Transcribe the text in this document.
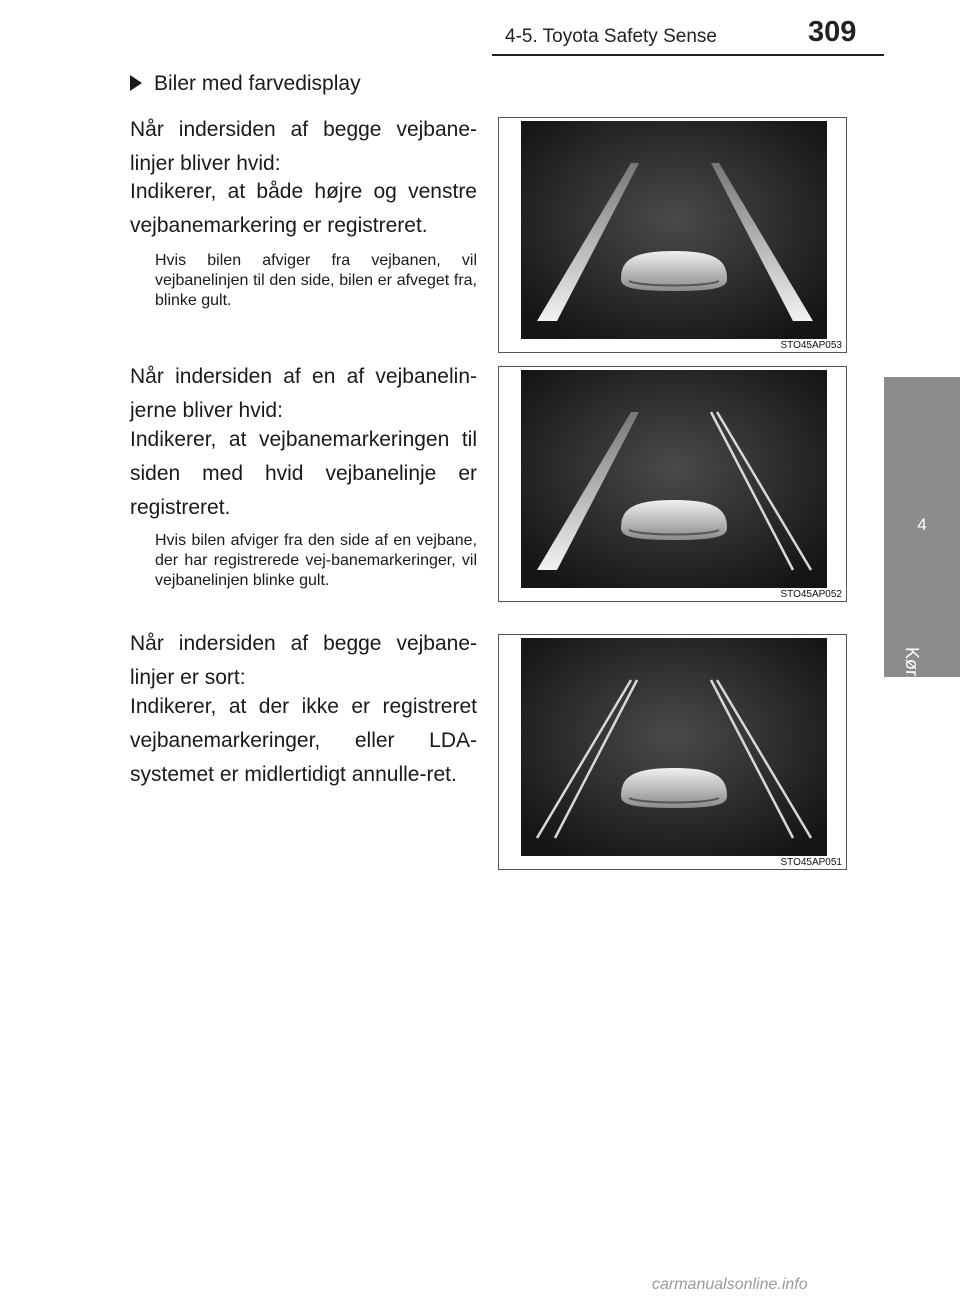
4-5. Toyota Safety Sense	309
4
Kørsel
Biler med farvedisplay

Når indersiden af begge vejbane-linjer bliver hvid:

Indikerer, at både højre og venstre vejbanemarkering er registreret.

Hvis bilen afviger fra vejbanen, vil vejbanelinjen til den side, bilen er afveget fra, blinke gult.

Når indersiden af en af vejbanelin-jerne bliver hvid:

Indikerer, at vejbanemarkeringen til siden med hvid vejbanelinje er registreret.

Hvis bilen afviger fra den side af en vejbane, der har registrerede vej-banemarkeringer, vil vejbanelinjen blinke gult.

Når indersiden af begge vejbane-linjer er sort:

Indikerer, at der ikke er registreret vejbanemarkeringer, eller LDA-systemet er midlertidigt annulle-ret.

STO45AP053
STO45AP052
STO45AP051
carmanualsonline.info
